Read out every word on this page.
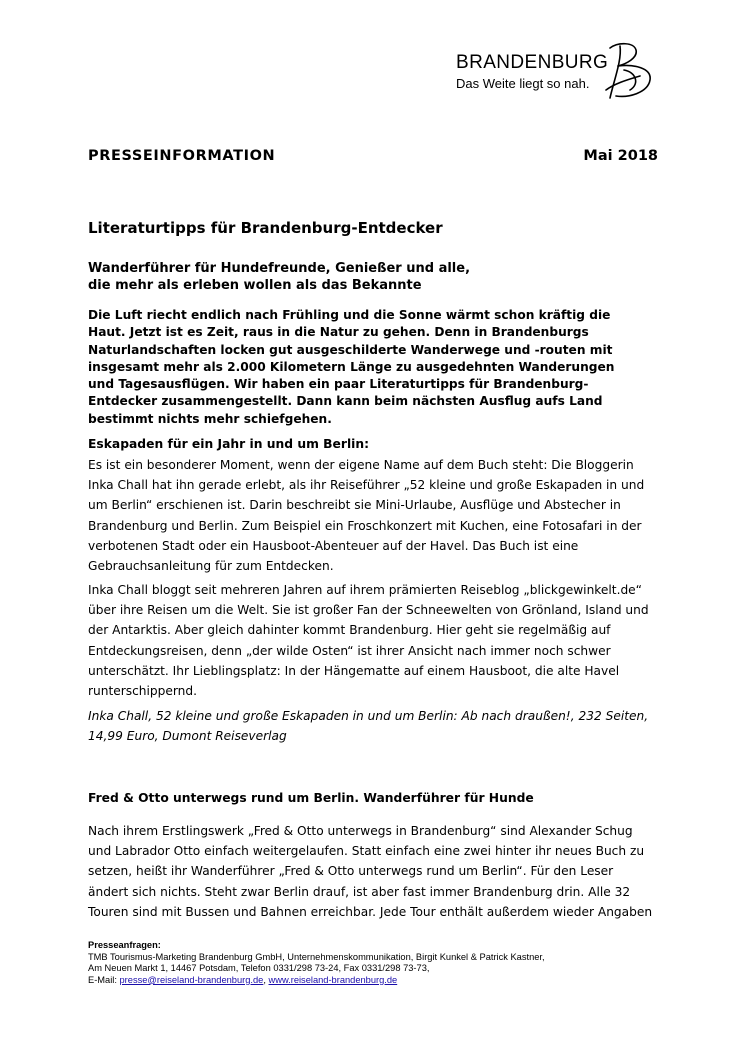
BRANDENBURG
Das Weite liegt so nah.
PRESSEINFORMATION	Mai 2018
Literaturtipps für Brandenburg-Entdecker
Wanderführer für Hundefreunde, Genießer und alle,
die mehr als erleben wollen als das Bekannte
Die Luft riecht endlich nach Frühling und die Sonne wärmt schon kräftig die
Haut. Jetzt ist es Zeit, raus in die Natur zu gehen. Denn in Brandenburgs
Naturlandschaften locken gut ausgeschilderte Wanderwege und -routen mit
insgesamt mehr als 2.000 Kilometern Länge zu ausgedehnten Wanderungen
und Tagesausflügen. Wir haben ein paar Literaturtipps für Brandenburg-
Entdecker zusammengestellt. Dann kann beim nächsten Ausflug aufs Land
bestimmt nichts mehr schiefgehen.
Eskapaden für ein Jahr in und um Berlin:
Es ist ein besonderer Moment, wenn der eigene Name auf dem Buch steht: Die Bloggerin
Inka Chall hat ihn gerade erlebt, als ihr Reiseführer „52 kleine und große Eskapaden in und
um Berlin“ erschienen ist. Darin beschreibt sie Mini-Urlaube, Ausflüge und Abstecher in
Brandenburg und Berlin. Zum Beispiel ein Froschkonzert mit Kuchen, eine Fotosafari in der
verbotenen Stadt oder ein Hausboot-Abenteuer auf der Havel. Das Buch ist eine
Gebrauchsanleitung für zum Entdecken.
Inka Chall bloggt seit mehreren Jahren auf ihrem prämierten Reiseblog „blickgewinkelt.de“
über ihre Reisen um die Welt. Sie ist großer Fan der Schneewelten von Grönland, Island und
der Antarktis. Aber gleich dahinter kommt Brandenburg. Hier geht sie regelmäßig auf
Entdeckungsreisen, denn „der wilde Osten“ ist ihrer Ansicht nach immer noch schwer
unterschätzt. Ihr Lieblingsplatz: In der Hängematte auf einem Hausboot, die alte Havel
runterschippernd.
Inka Chall, 52 kleine und große Eskapaden in und um Berlin: Ab nach draußen!, 232 Seiten,
14,99 Euro, Dumont Reiseverlag
Fred & Otto unterwegs rund um Berlin. Wanderführer für Hunde
Nach ihrem Erstlingswerk „Fred & Otto unterwegs in Brandenburg“ sind Alexander Schug
und Labrador Otto einfach weitergelaufen. Statt einfach eine zwei hinter ihr neues Buch zu
setzen, heißt ihr Wanderführer „Fred & Otto unterwegs rund um Berlin“. Für den Leser
ändert sich nichts. Steht zwar Berlin drauf, ist aber fast immer Brandenburg drin. Alle 32
Touren sind mit Bussen und Bahnen erreichbar. Jede Tour enthält außerdem wieder Angaben
Presseanfragen:
TMB Tourismus-Marketing Brandenburg GmbH, Unternehmenskommunikation, Birgit Kunkel & Patrick Kastner,
Am Neuen Markt 1, 14467 Potsdam, Telefon 0331/298 73-24, Fax 0331/298 73-73,
E-Mail: presse@reiseland-brandenburg.de, www.reiseland-brandenburg.de
